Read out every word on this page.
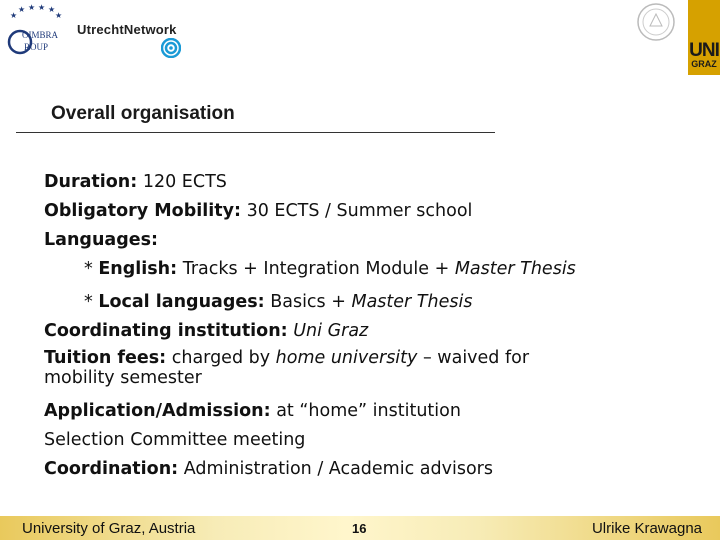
★ ★ ★ ★
★	★
OIMBRA
ROUP
UtrechtNetwork
UNI
GRAZ
Overall organisation
Duration: 120 ECTS
Obligatory Mobility: 30 ECTS / Summer school
Languages:
* English: Tracks + Integration Module + Master Thesis
* Local languages: Basics + Master Thesis
Coordinating institution: Uni Graz
Tuition fees: charged by home university – waived for mobility semester
Application/Admission: at “home” institution
Selection Committee meeting
Coordination: Administration / Academic advisors
University of Graz, Austria	16	Ulrike Krawagna
